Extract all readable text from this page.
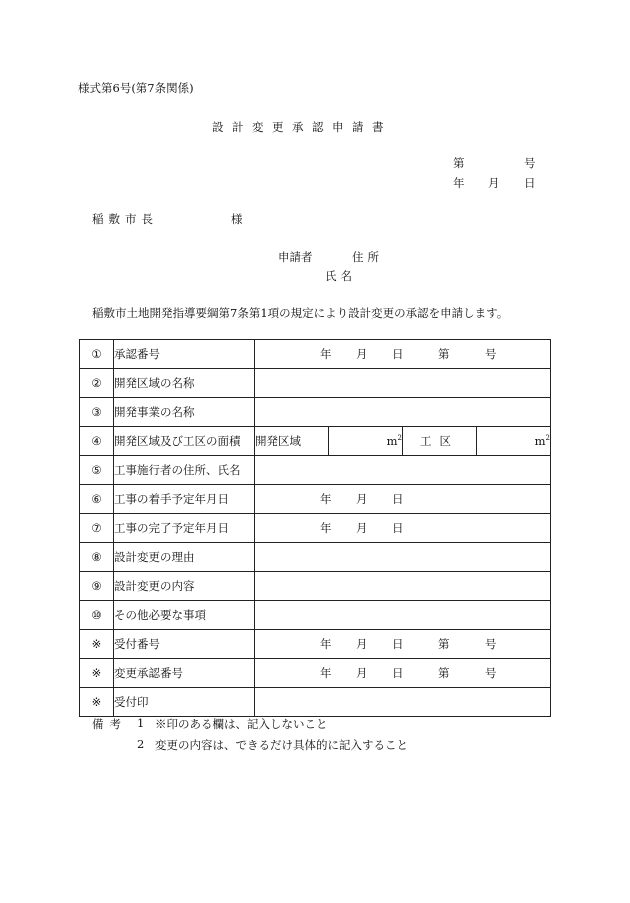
様式第6号(第7条関係)
設計変更承認申請書
第	号
年 月 日
稲敷市長	様
申請者	住所
氏名
稲敷市土地開発指導要綱第7条第1項の規定により設計変更の承認を申請します。
①	承認番号	年 月 日 第 号			

②	開発区域の名称				
③	開発事業の名称				
④	開発区域及び工区の面積	開発区域	$m^2$	工区	$m^2$
⑤	工事施行者の住所、氏名				
⑥	工事の着手予定年月日	年 月 日			

⑦	工事の完了予定年月日	年 月 日			

⑧	設計変更の理由				
⑨	設計変更の内容				
⑩	その他必要な事項				
※	受付番号	年 月 日 第 号			

※	変更承認番号	年 月 日 第 号			

※	受付印				
備考 1 ※印のある欄は、記入しないこと
2 変更の内容は、できるだけ具体的に記入すること
